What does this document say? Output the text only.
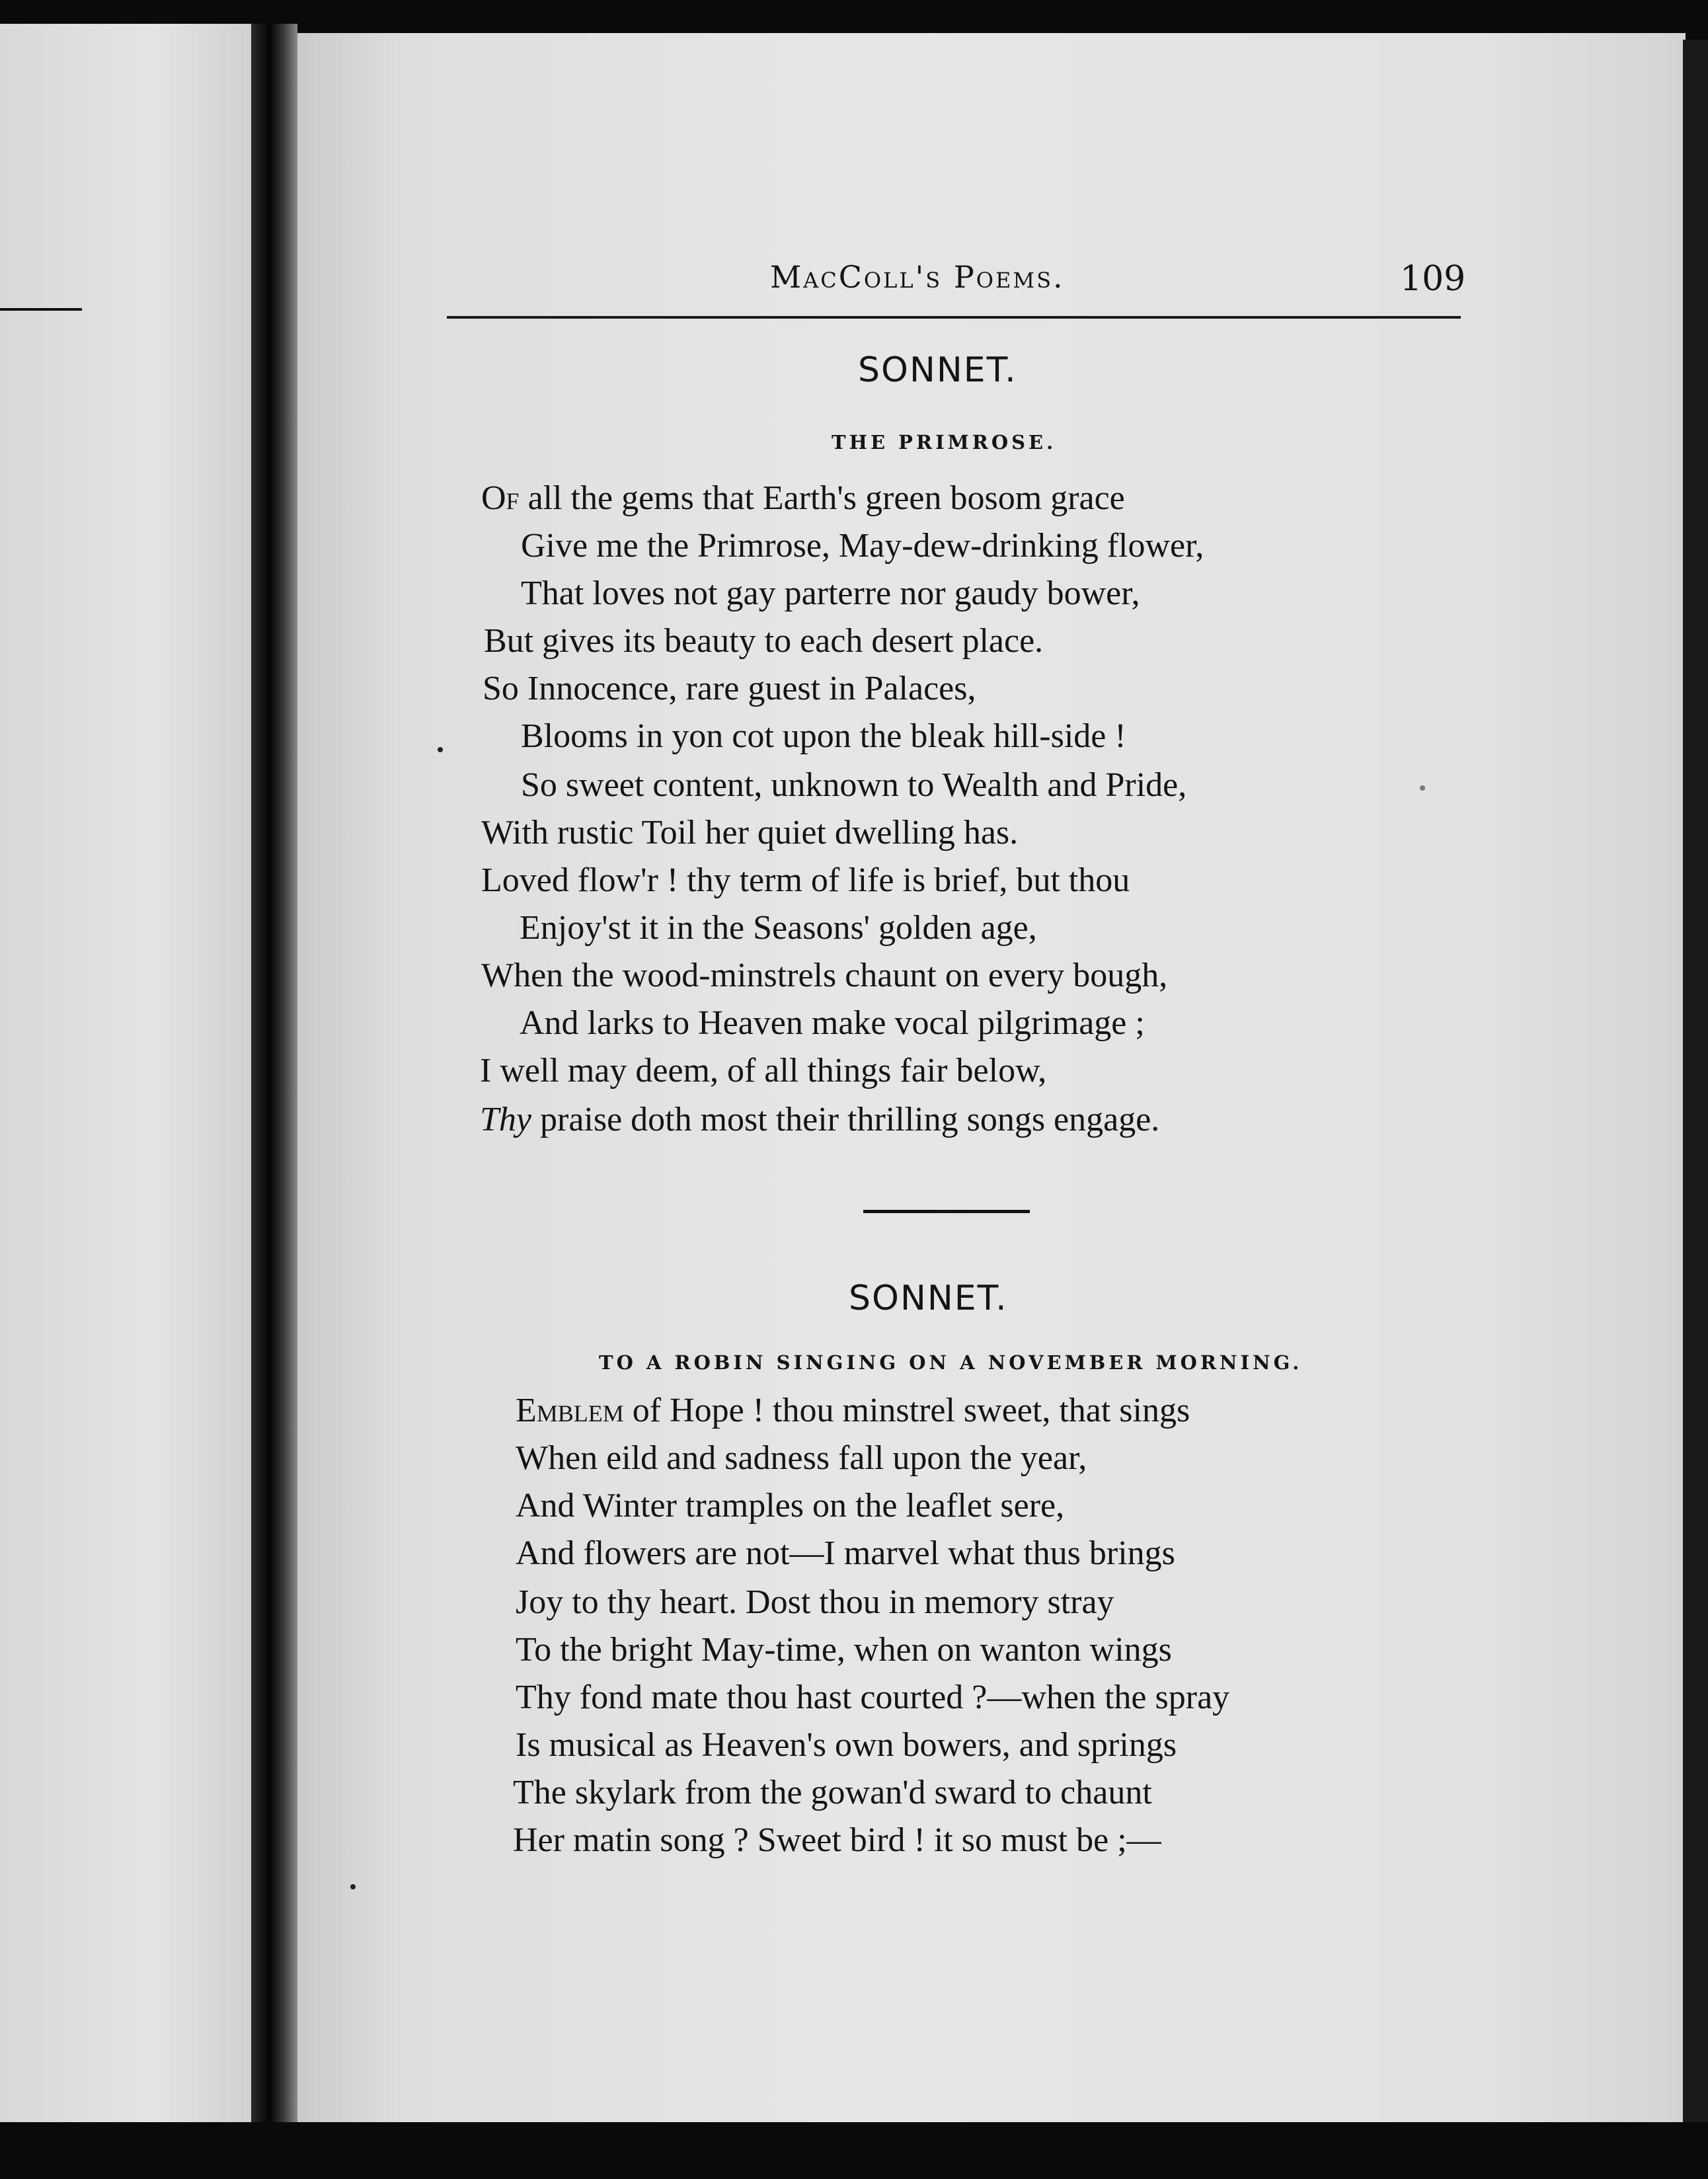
MacColl's Poems.	109
SONNET.
THE PRIMROSE.
Of all the gems that Earth's green bosom grace
Give me the Primrose, May-dew-drinking flower,
That loves not gay parterre nor gaudy bower,
But gives its beauty to each desert place.
So Innocence, rare guest in Palaces,
Blooms in yon cot upon the bleak hill-side !
So sweet content, unknown to Wealth and Pride,
With rustic Toil her quiet dwelling has.
Loved flow'r ! thy term of life is brief, but thou
Enjoy'st it in the Seasons' golden age,
When the wood-minstrels chaunt on every bough,
And larks to Heaven make vocal pilgrimage ;
I well may deem, of all things fair below,
Thy praise doth most their thrilling songs engage.
SONNET.
TO A ROBIN SINGING ON A NOVEMBER MORNING.
Emblem of Hope ! thou minstrel sweet, that sings
When eild and sadness fall upon the year,
And Winter tramples on the leaflet sere,
And flowers are not—I marvel what thus brings
Joy to thy heart. Dost thou in memory stray
To the bright May-time, when on wanton wings
Thy fond mate thou hast courted ?—when the spray
Is musical as Heaven's own bowers, and springs
The skylark from the gowan'd sward to chaunt
Her matin song ? Sweet bird ! it so must be ;—
